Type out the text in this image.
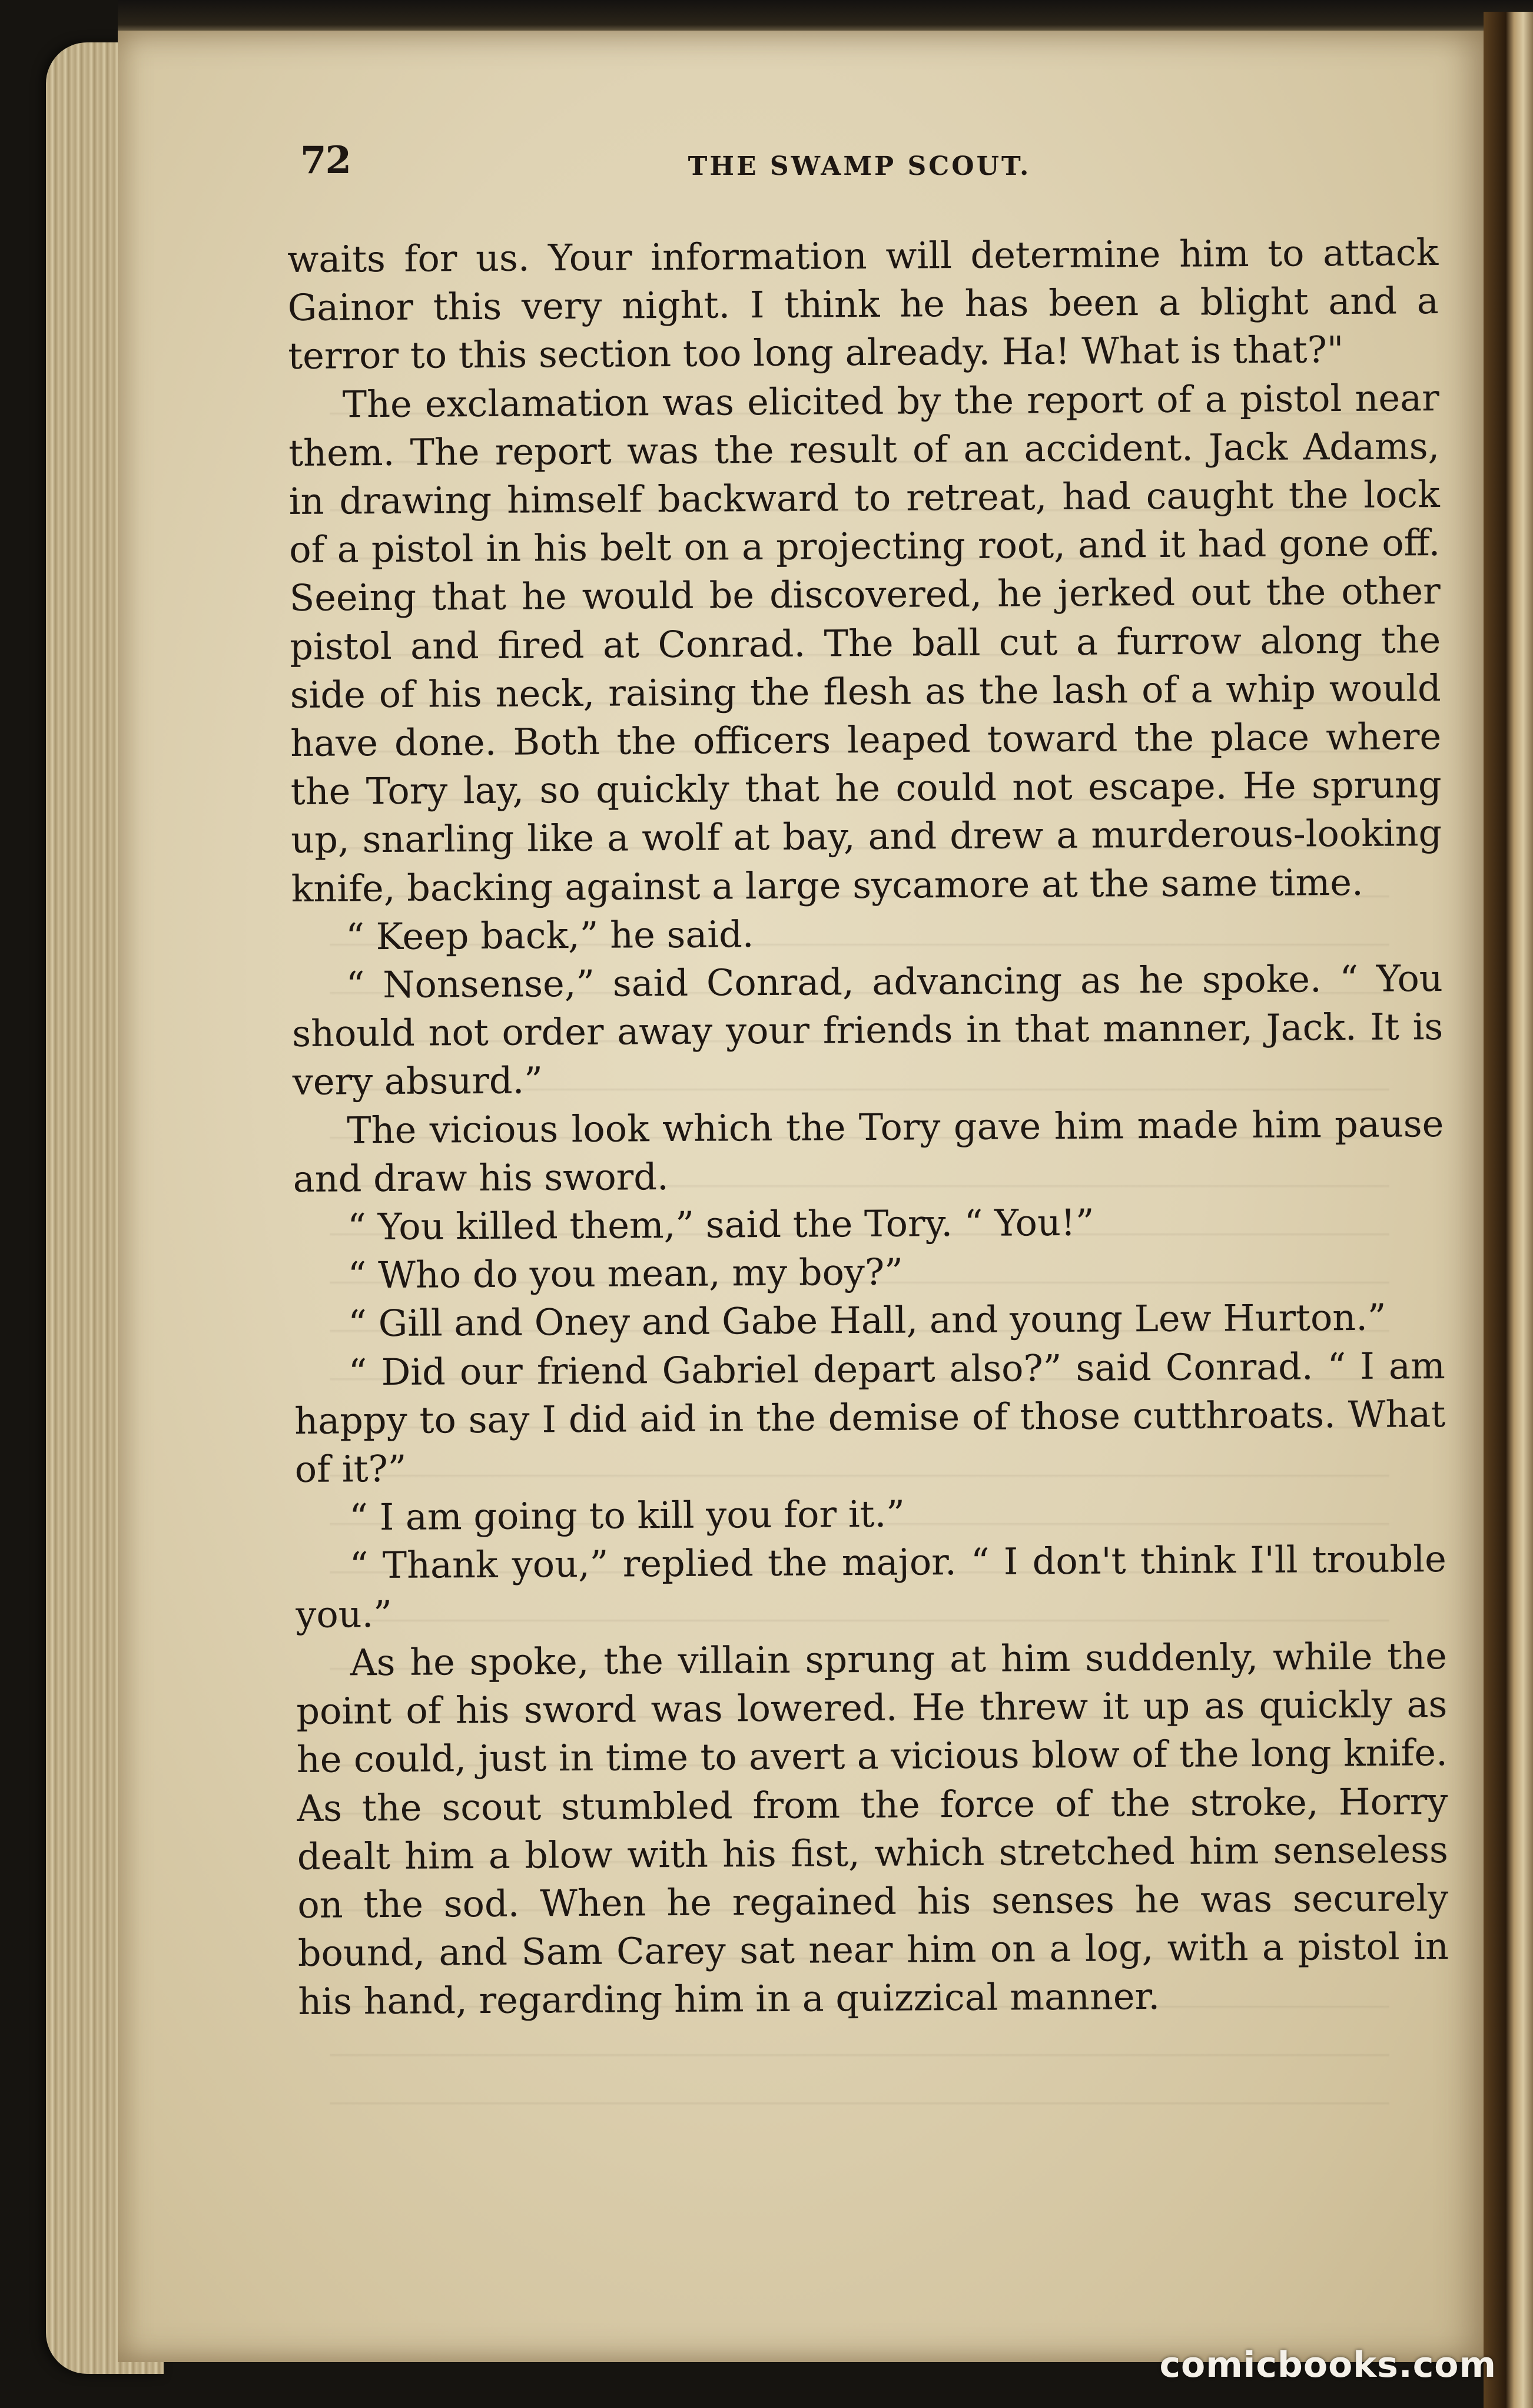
72	THE SWAMP SCOUT.

waits for us. Your information will determine him to attack Gainor this very night. I think he has been a blight and a terror to this section too long already. Ha! What is that?"

The exclamation was elicited by the report of a pistol near them. The report was the result of an accident. Jack Adams, in drawing himself backward to retreat, had caught the lock of a pistol in his belt on a projecting root, and it had gone off. Seeing that he would be discovered, he jerked out the other pistol and fired at Conrad. The ball cut a furrow along the side of his neck, raising the flesh as the lash of a whip would have done. Both the officers leaped toward the place where the Tory lay, so quickly that he could not escape. He sprung up, snarling like a wolf at bay, and drew a murderous-looking knife, backing against a large sycamore at the same time.

“ Keep back,” he said.

“ Nonsense,” said Conrad, advancing as he spoke. “ You should not order away your friends in that manner, Jack. It is very absurd.”

The vicious look which the Tory gave him made him pause and draw his sword.

“ You killed them,” said the Tory. “ You!”

“ Who do you mean, my boy?”

“ Gill and Oney and Gabe Hall, and young Lew Hurton.”

“ Did our friend Gabriel depart also?” said Conrad. “ I am happy to say I did aid in the demise of those cutthroats. What of it?”

“ I am going to kill you for it.”

“ Thank you,” replied the major. “ I don't think I'll trouble you.”

As he spoke, the villain sprung at him suddenly, while the point of his sword was lowered. He threw it up as quickly as he could, just in time to avert a vicious blow of the long knife. As the scout stumbled from the force of the stroke, Horry dealt him a blow with his fist, which stretched him senseless on the sod. When he regained his senses he was securely bound, and Sam Carey sat near him on a log, with a pistol in his hand, regarding him in a quizzical manner.

comicbooks.com
